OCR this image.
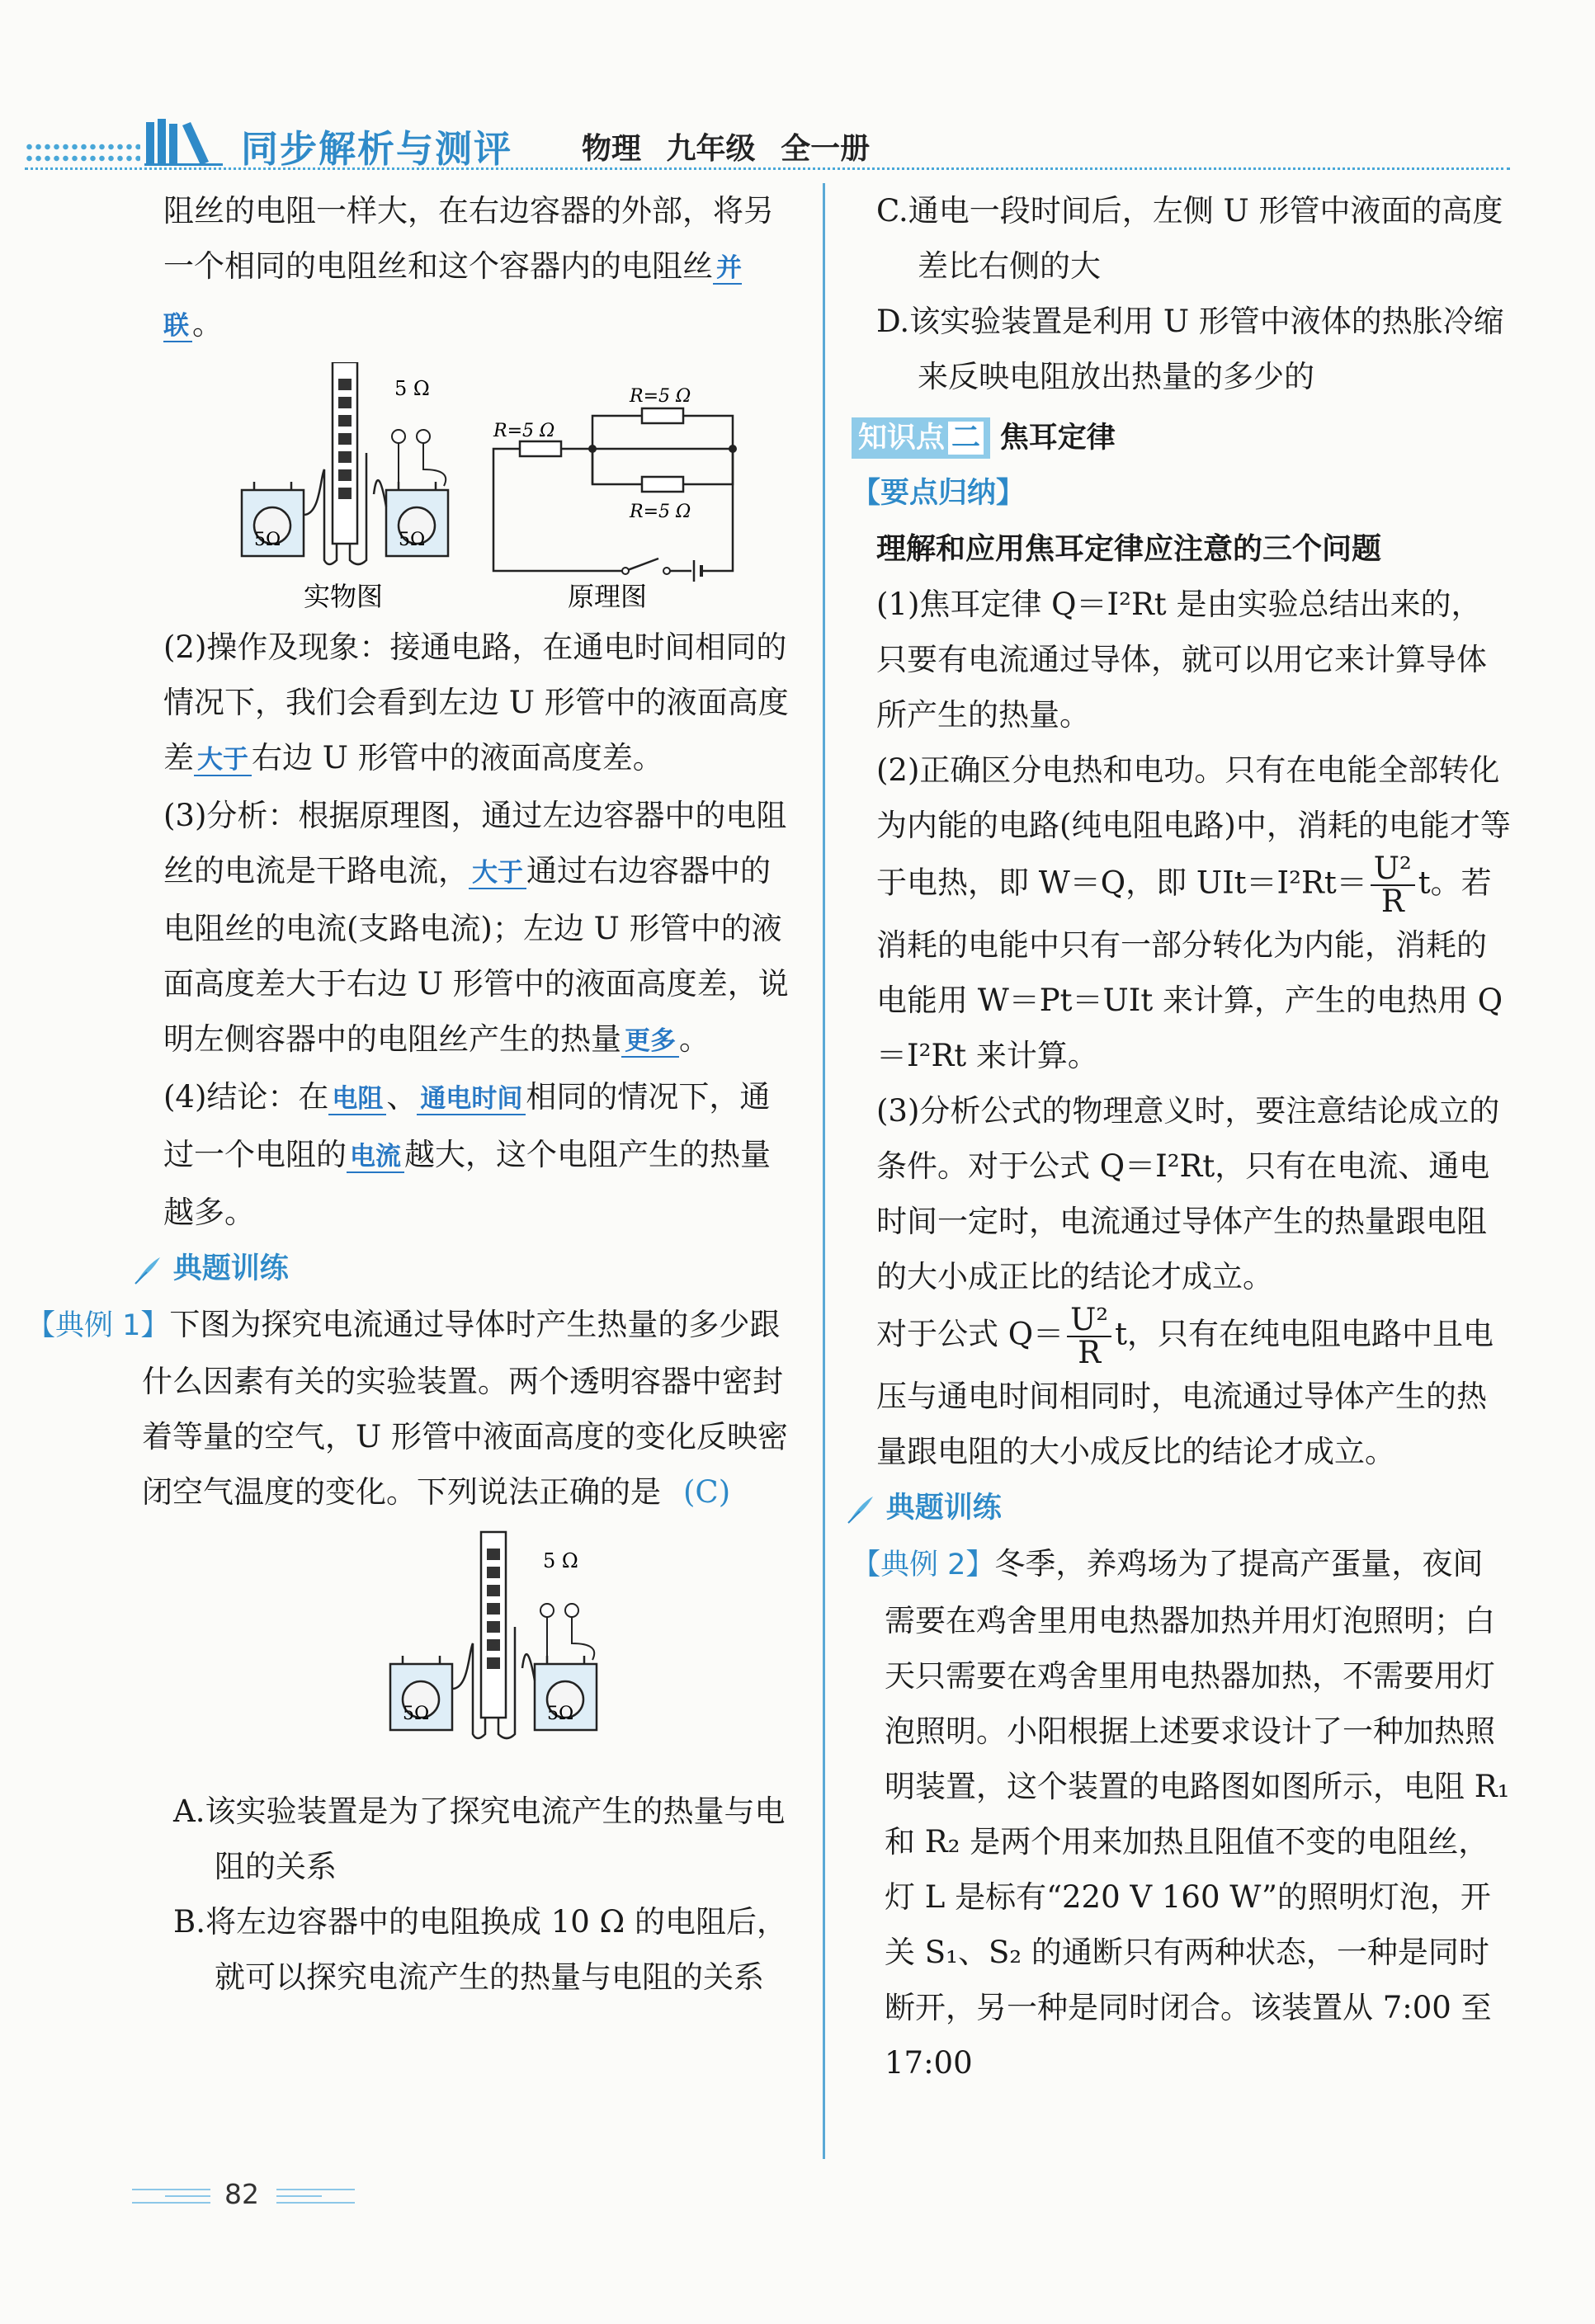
同步解析与测评 物理 九年级 全一册

阻丝的电阻一样大，在右边容器的外部，将另一个相同的电阻丝和这个容器内的电阻丝 并联 。

5 Ω
5Ω	5Ω
R=5 Ω
R=5 Ω
R=5 Ω
实物图	原理图

(2)操作及现象：接通电路，在通电时间相同的情况下，我们会看到左边 U 形管中的液面高度差 大于 右边 U 形管中的液面高度差。

(3)分析：根据原理图，通过左边容器中的电阻丝的电流是干路电流， 大于 通过右边容器中的电阻丝的电流(支路电流)；左边 U 形管中的液面高度差大于右边 U 形管中的液面高度差，说明左侧容器中的电阻丝产生的热量 更多 。

(4)结论：在 电阻 、 通电时间 相同的情况下，通过一个电阻的 电流 越大，这个电阻产生的热量越多。

典题训练

【典例 1】下图为探究电流通过导体时产生热量的多少跟什么因素有关的实验装置。两个透明容器中密封着等量的空气，U 形管中液面高度的变化反映密闭空气温度的变化。下列说法正确的是 (C)

5 Ω
5Ω	5Ω

A.该实验装置是为了探究电流产生的热量与电阻的关系

B.将左边容器中的电阻换成 10 Ω 的电阻后，就可以探究电流产生的热量与电阻的关系

C.通电一段时间后，左侧 U 形管中液面的高度差比右侧的大

D.该实验装置是利用 U 形管中液体的热胀冷缩来反映电阻放出热量的多少的

知识点 二 焦耳定律

【要点归纳】

理解和应用焦耳定律应注意的三个问题

(1)焦耳定律 Q＝I²Rt 是由实验总结出来的，只要有电流通过导体，就可以用它来计算导体所产生的热量。

(2)正确区分电热和电功。只有在电能全部转化为内能的电路(纯电阻电路)中，消耗的电能才等于电热，即 W＝Q，即 $UIt=I^2Rt= \frac{\text{U²}}{R}$ t。若消耗的电能中只有一部分转化为内能，消耗的电能用 W＝Pt＝UIt 来计算，产生的电热用 Q＝I²Rt 来计算。

(3)分析公式的物理意义时，要注意结论成立的条件。对于公式 Q＝I²Rt，只有在电流、通电时间一定时，电流通过导体产生的热量跟电阻的大小成正比的结论才成立。

对于公式 $Q= \frac{\text{U²}}{R}$ t，只有在纯电阻电路中且电压与通电时间相同时，电流通过导体产生的热量跟电阻的大小成反比的结论才成立。

典题训练

【典例 2】冬季，养鸡场为了提高产蛋量，夜间需要在鸡舍里用电热器加热并用灯泡照明；白天只需要在鸡舍里用电热器加热，不需要用灯泡照明。小阳根据上述要求设计了一种加热照明装置，这个装置的电路图如图所示，电阻 R₁ 和 R₂ 是两个用来加热且阻值不变的电阻丝，灯 L 是标有“220 V 160 W”的照明灯泡，开关 S₁、S₂ 的通断只有两种状态，一种是同时断开，另一种是同时闭合。该装置从 7:00 至 17:00

82
